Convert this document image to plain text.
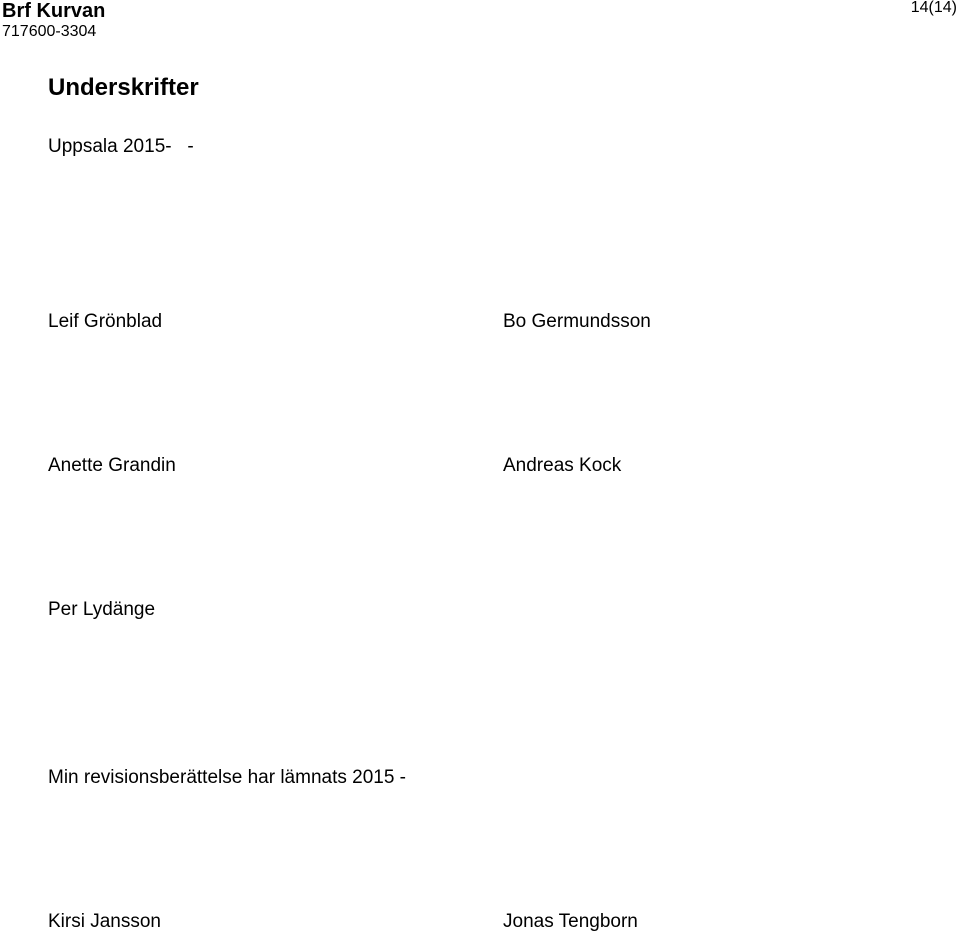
Brf Kurvan
717600-3304
14(14)
Underskrifter
Uppsala 2015-   -
Leif Grönblad	Bo Germundsson
Anette Grandin	Andreas Kock
Per Lydänge
Min revisionsberättelse har lämnats 2015 -
Kirsi Jansson	Jonas Tengborn
